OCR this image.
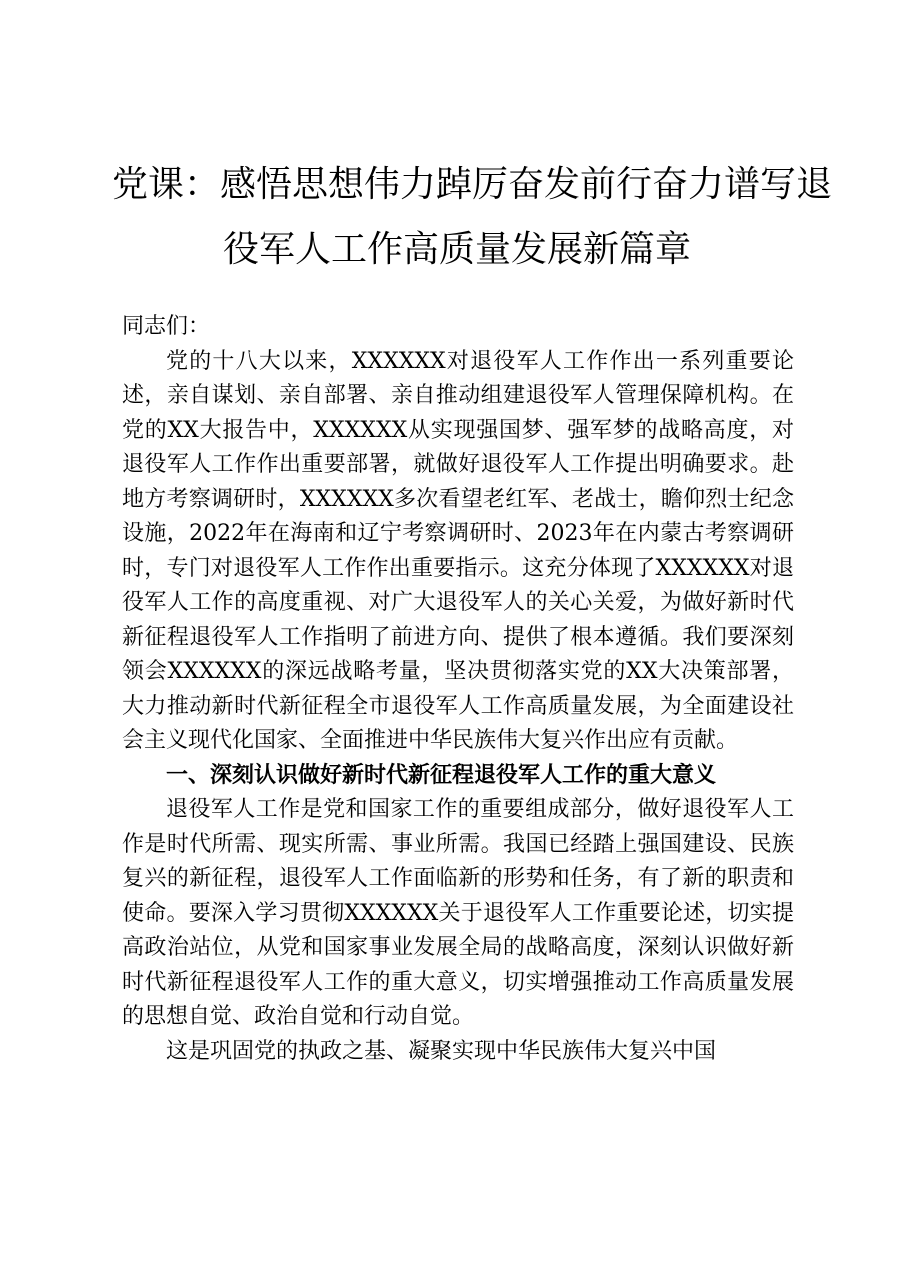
党课：感悟思想伟力踔厉奋发前行奋力谱写退
役军人工作高质量发展新篇章

同志们：

党的十八大以来，XXXXXX对退役军人工作作出一系列重要论述，亲自谋划、亲自部署、亲自推动组建退役军人管理保障机构。在党的XX大报告中，XXXXXX从实现强国梦、强军梦的战略高度，对退役军人工作作出重要部署，就做好退役军人工作提出明确要求。赴地方考察调研时，XXXXXX多次看望老红军、老战士，瞻仰烈士纪念设施，2022年在海南和辽宁考察调研时、2023年在内蒙古考察调研时，专门对退役军人工作作出重要指示。这充分体现了XXXXXX对退役军人工作的高度重视、对广大退役军人的关心关爱，为做好新时代新征程退役军人工作指明了前进方向、提供了根本遵循。我们要深刻领会XXXXXX的深远战略考量，坚决贯彻落实党的XX大决策部署，大力推动新时代新征程全市退役军人工作高质量发展，为全面建设社会主义现代化国家、全面推进中华民族伟大复兴作出应有贡献。

一、深刻认识做好新时代新征程退役军人工作的重大意义

退役军人工作是党和国家工作的重要组成部分，做好退役军人工作是时代所需、现实所需、事业所需。我国已经踏上强国建设、民族复兴的新征程，退役军人工作面临新的形势和任务，有了新的职责和使命。要深入学习贯彻XXXXXX关于退役军人工作重要论述，切实提高政治站位，从党和国家事业发展全局的战略高度，深刻认识做好新时代新征程退役军人工作的重大意义，切实增强推动工作高质量发展的思想自觉、政治自觉和行动自觉。

这是巩固党的执政之基、凝聚实现中华民族伟大复兴中国
